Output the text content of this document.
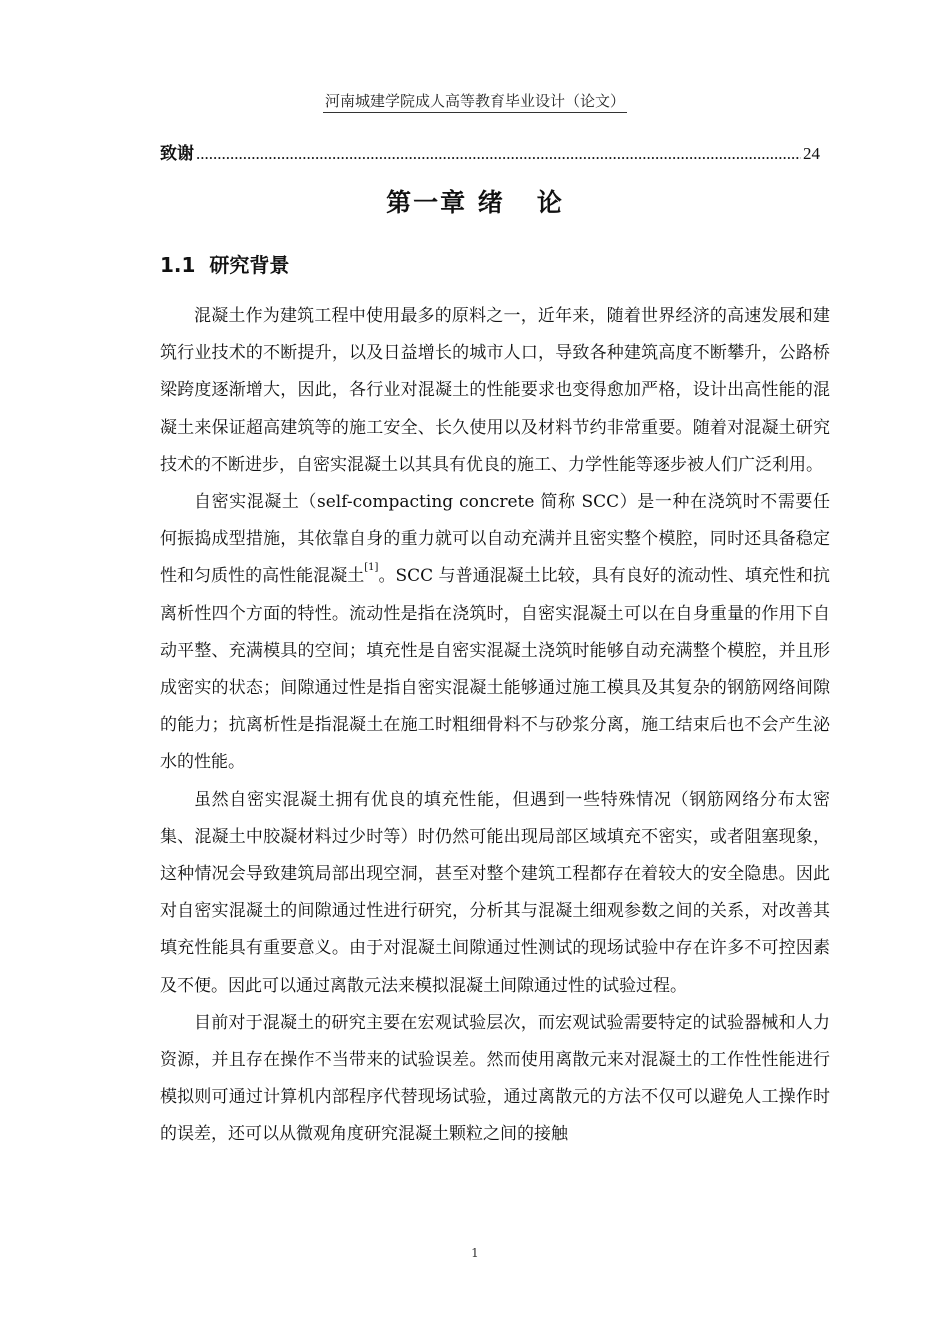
河南城建学院成人高等教育毕业设计（论文）
致谢
.....	24
第一章 绪   论
1.1  研究背景

混凝土作为建筑工程中使用最多的原料之一，近年来，随着世界经济的高速发展和建筑行业技术的不断提升，以及日益增长的城市人口，导致各种建筑高度不断攀升，公路桥梁跨度逐渐增大，因此，各行业对混凝土的性能要求也变得愈加严格，设计出高性能的混凝土来保证超高建筑等的施工安全、长久使用以及材料节约非常重要。随着对混凝土研究技术的不断进步，自密实混凝土以其具有优良的施工、力学性能等逐步被人们广泛利用。

自密实混凝土（self-compacting concrete 简称 SCC）是一种在浇筑时不需要任何振捣成型措施，其依靠自身的重力就可以自动充满并且密实整个模腔，同时还具备稳定性和匀质性的高性能混凝土[1]。SCC 与普通混凝土比较，具有良好的流动性、填充性和抗离析性四个方面的特性。流动性是指在浇筑时，自密实混凝土可以在自身重量的作用下自动平整、充满模具的空间；填充性是自密实混凝土浇筑时能够自动充满整个模腔，并且形成密实的状态；间隙通过性是指自密实混凝土能够通过施工模具及其复杂的钢筋网络间隙的能力；抗离析性是指混凝土在施工时粗细骨料不与砂浆分离，施工结束后也不会产生泌水的性能。

虽然自密实混凝土拥有优良的填充性能，但遇到一些特殊情况（钢筋网络分布太密集、混凝土中胶凝材料过少时等）时仍然可能出现局部区域填充不密实，或者阻塞现象，这种情况会导致建筑局部出现空洞，甚至对整个建筑工程都存在着较大的安全隐患。因此对自密实混凝土的间隙通过性进行研究，分析其与混凝土细观参数之间的关系，对改善其填充性能具有重要意义。由于对混凝土间隙通过性测试的现场试验中存在许多不可控因素及不便。因此可以通过离散元法来模拟混凝土间隙通过性的试验过程。

目前对于混凝土的研究主要在宏观试验层次，而宏观试验需要特定的试验器械和人力资源，并且存在操作不当带来的试验误差。然而使用离散元来对混凝土的工作性性能进行模拟则可通过计算机内部程序代替现场试验，通过离散元的方法不仅可以避免人工操作时的误差，还可以从微观角度研究混凝土颗粒之间的接触

1
